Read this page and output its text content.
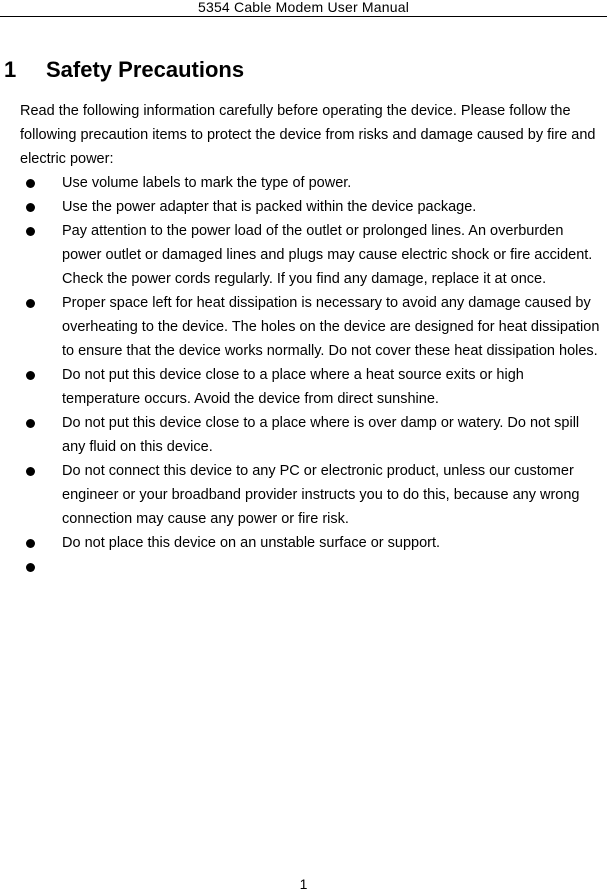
5354 Cable Modem User Manual
1 Safety Precautions

Read the following information carefully before operating the device. Please follow the following precaution items to protect the device from risks and damage caused by fire and electric power:

Use volume labels to mark the type of power.
Use the power adapter that is packed within the device package.
Pay attention to the power load of the outlet or prolonged lines. An overburden power outlet or damaged lines and plugs may cause electric shock or fire accident. Check the power cords regularly. If you find any damage, replace it at once.
Proper space left for heat dissipation is necessary to avoid any damage caused by overheating to the device. The holes on the device are designed for heat dissipation to ensure that the device works normally. Do not cover these heat dissipation holes.
Do not put this device close to a place where a heat source exits or high temperature occurs. Avoid the device from direct sunshine.
Do not put this device close to a place where is over damp or watery. Do not spill any fluid on this device.
Do not connect this device to any PC or electronic product, unless our customer engineer or your broadband provider instructs you to do this, because any wrong connection may cause any power or fire risk.
Do not place this device on an unstable surface or support.
1
